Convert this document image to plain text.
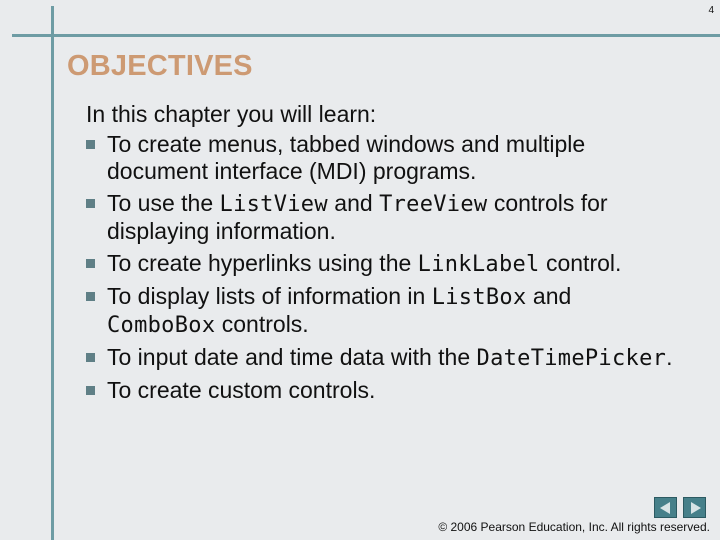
4
OBJECTIVES
In this chapter you will learn:
To create menus, tabbed windows and multiple document interface (MDI) programs.
To use the ListView and TreeView controls for displaying information.
To create hyperlinks using the LinkLabel control.
To display lists of information in ListBox and ComboBox controls.
To input date and time data with the DateTimePicker.
To create custom controls.
© 2006 Pearson Education, Inc. All rights reserved.
